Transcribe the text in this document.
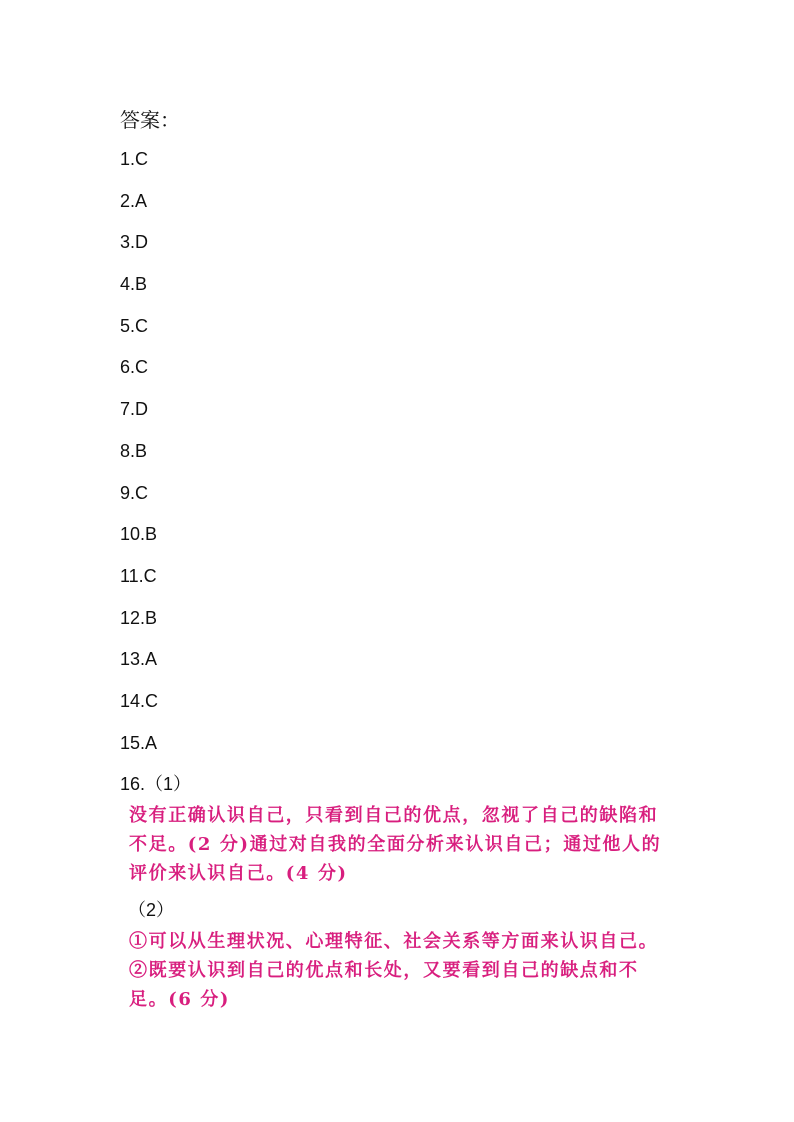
答案：
1.C
2.A
3.D
4.B
5.C
6.C
7.D
8.B
9.C
10.B
11.C
12.B
13.A
14.C
15.A
16.（1）
没有正确认识自己，只看到自己的优点，忽视了自己的缺陷和不足。(2 分)通过对自我的全面分析来认识自己；通过他人的评价来认识自己。(4 分)
（2）
①可以从生理状况、心理特征、社会关系等方面来认识自己。②既要认识到自己的优点和长处，又要看到自己的缺点和不足。(6 分)
